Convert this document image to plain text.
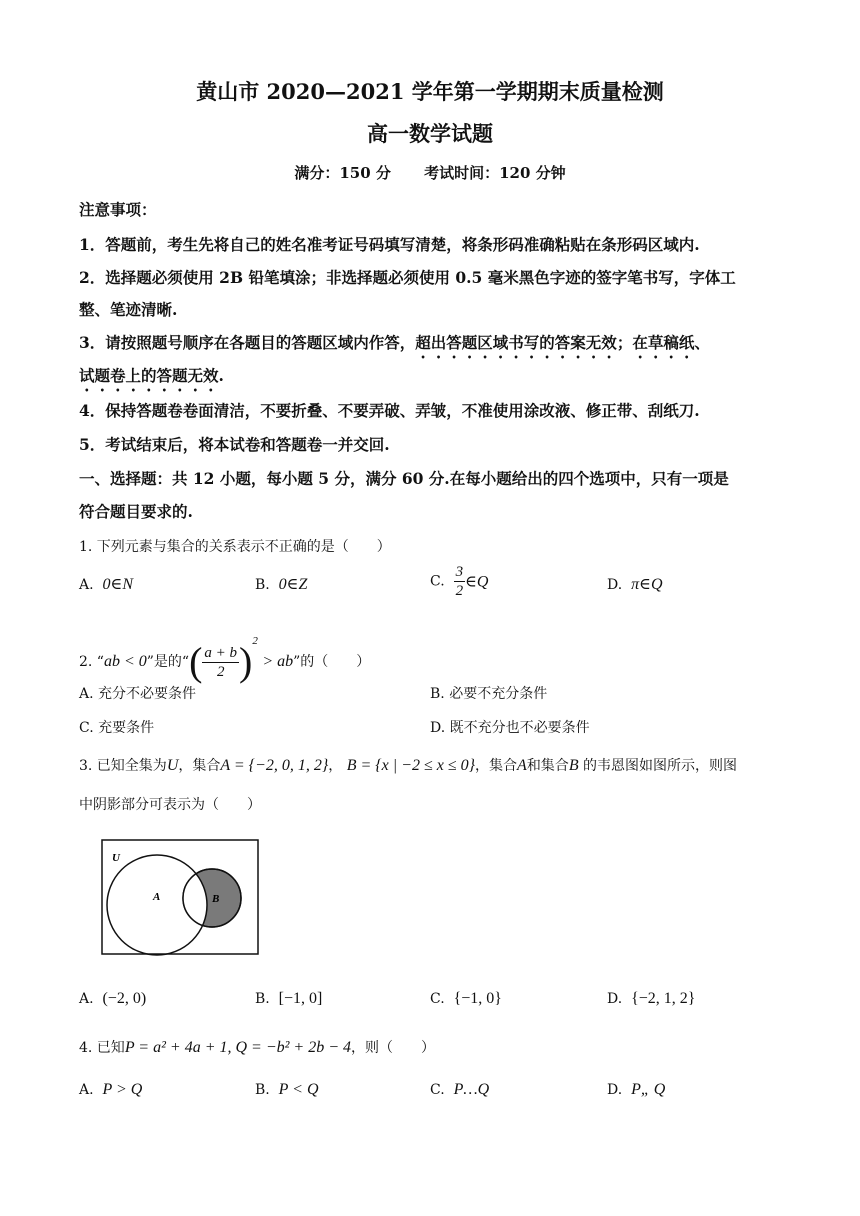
黄山市 2020—2021 学年第一学期期末质量检测
高一数学试题
满分：150 分 考试时间：120 分钟
注意事项：
1．答题前，考生先将自己的姓名准考证号码填写清楚，将条形码准确粘贴在条形码区域内.
2．选择题必须使用 2B 铅笔填涂；非选择题必须使用 0.5 毫米黑色字迹的签字笔书写，字体工
整、笔迹清晰.
3．请按照题号顺序在各题目的答题区域内作答，超出答题区域书写的答案无效；在草稿纸、
试题卷上的答题无效.
4．保持答题卷卷面清洁，不要折叠、不要弄破、弄皱，不准使用涂改液、修正带、刮纸刀.
5．考试结束后，将本试卷和答题卷一并交回.
一、选择题：共 12 小题，每小题 5 分，满分 60 分.在每小题给出的四个选项中，只有一项是
符合题目要求的.
1. 下列元素与集合的关系表示不正确的是（　　）
A. 0∈N	B. 0∈Z	C. $\frac{3}{2}$ ∈Q	D. π∈Q
2. “ab < 0”是的“( $\frac{a + b}{2} )^2$ > ab”的（　　）
A. 充分不必要条件	B. 必要不充分条件
C. 充要条件	D. 既不充分也不必要条件
3. 已知全集为U，集合A = {−2, 0, 1, 2}， B = {x | −2 ≤ x ≤ 0}，集合A和集合B 的韦恩图如图所示，则图
中阴影部分可表示为（　　）
U
A	B
A. (−2, 0)	B. [−1, 0]	C. {−1, 0}	D. {−2, 1, 2}
4. 已知P = a² + 4a + 1, Q = −b² + 2b − 4，则（　　）
A. P > Q	B. P < Q	C. P…Q	D. P„ Q
